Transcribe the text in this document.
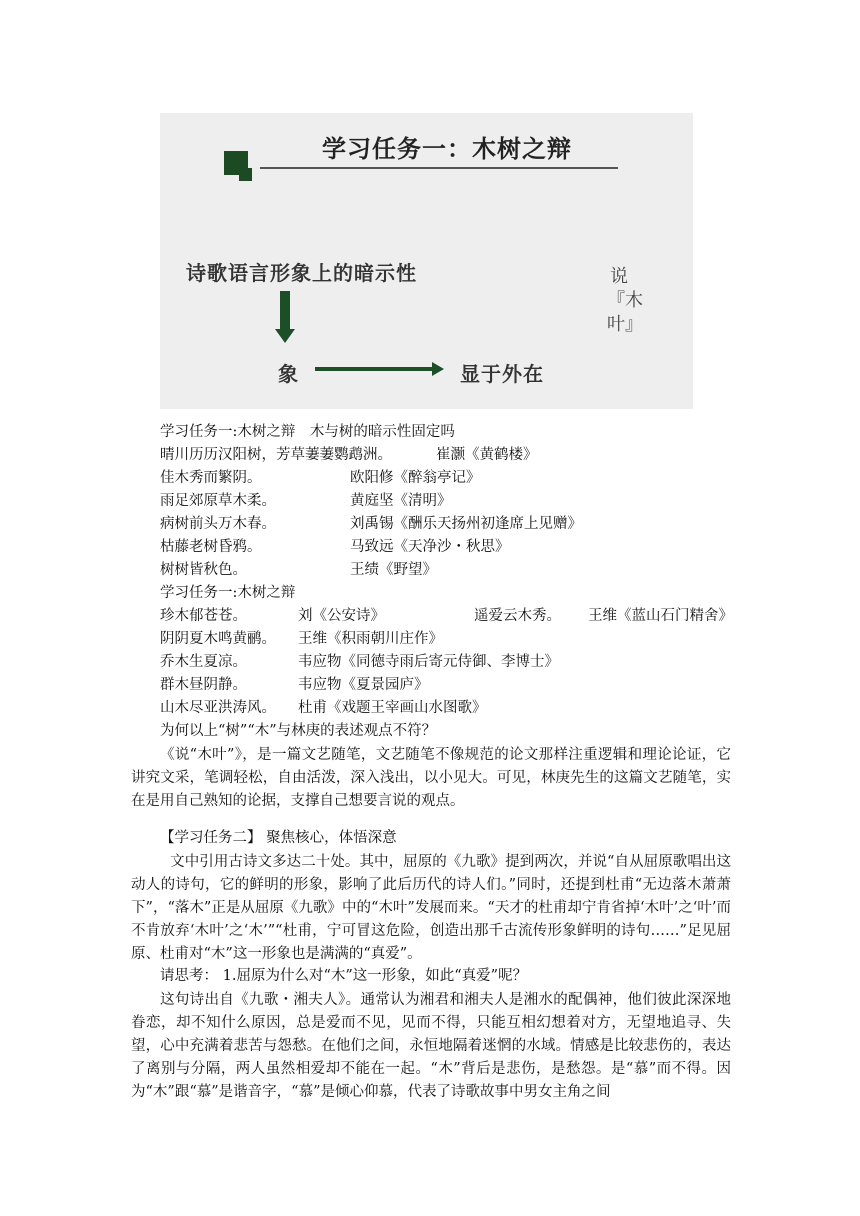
学习任务一：木树之辩
诗歌语言形象上的暗示性
象	显于外在
说『木叶』
学习任务一:木树之辩　木与树的暗示性固定吗
晴川历历汉阳树，芳草萋萋鹦鹉洲。	崔灏《黄鹤楼》
佳木秀而繁阴。	欧阳修《醉翁亭记》
雨足郊原草木柔。	黄庭坚《清明》
病树前头万木春。	刘禹锡《酬乐天扬州初逢席上见赠》
枯藤老树昏鸦。	马致远《天净沙・秋思》
树树皆秋色。	王绩《野望》
学习任务一:木树之辩
珍木郁苍苍。	刘《公安诗》	遥爱云木秀。 王维《蓝山石门精舍》
阴阴夏木鸣黄鹂。 王维《积雨朝川庄作》
乔木生夏凉。	韦应物《同德寺雨后寄元侍御、李博士》
群木昼阴静。	韦应物《夏景园庐》
山木尽亚洪涛风。 杜甫《戏题王宰画山水图歌》
为何以上“树”“木”与林庚的表述观点不符？
《说“木叶”》，是一篇文艺随笔，文艺随笔不像规范的论文那样注重逻辑和理论论证，它讲究文采，笔调轻松，自由活泼，深入浅出，以小见大。可见，林庚先生的这篇文艺随笔，实在是用自己熟知的论据，支撑自己想要言说的观点。
【学习任务二】 聚焦核心，体悟深意
文中引用古诗文多达二十处。其中，屈原的《九歌》提到两次，并说“自从屈原歌唱出这动人的诗句，它的鲜明的形象，影响了此后历代的诗人们。”同时，还提到杜甫“无边落木萧萧下”，“落木”正是从屈原《九歌》中的“木叶”发展而来。“天才的杜甫却宁肯省掉‘木叶’之‘叶’而不肯放弃‘木叶’之‘木’”“杜甫，宁可冒这危险，创造出那千古流传形象鲜明的诗句……”足见屈原、杜甫对“木”这一形象也是满满的“真爱”。
请思考： 1.屈原为什么对“木”这一形象，如此“真爱”呢？
这句诗出自《九歌・湘夫人》。通常认为湘君和湘夫人是湘水的配偶神，他们彼此深深地眷恋，却不知什么原因，总是爱而不见，见而不得，只能互相幻想着对方，无望地追寻、失望，心中充满着悲苦与怨愁。在他们之间，永恒地隔着迷惘的水域。情感是比较悲伤的，表达了离别与分隔，两人虽然相爱却不能在一起。“木”背后是悲伤，是愁怨。是“慕”而不得。因为“木”跟“慕”是谐音字，“慕”是倾心仰慕，代表了诗歌故事中男女主角之间
